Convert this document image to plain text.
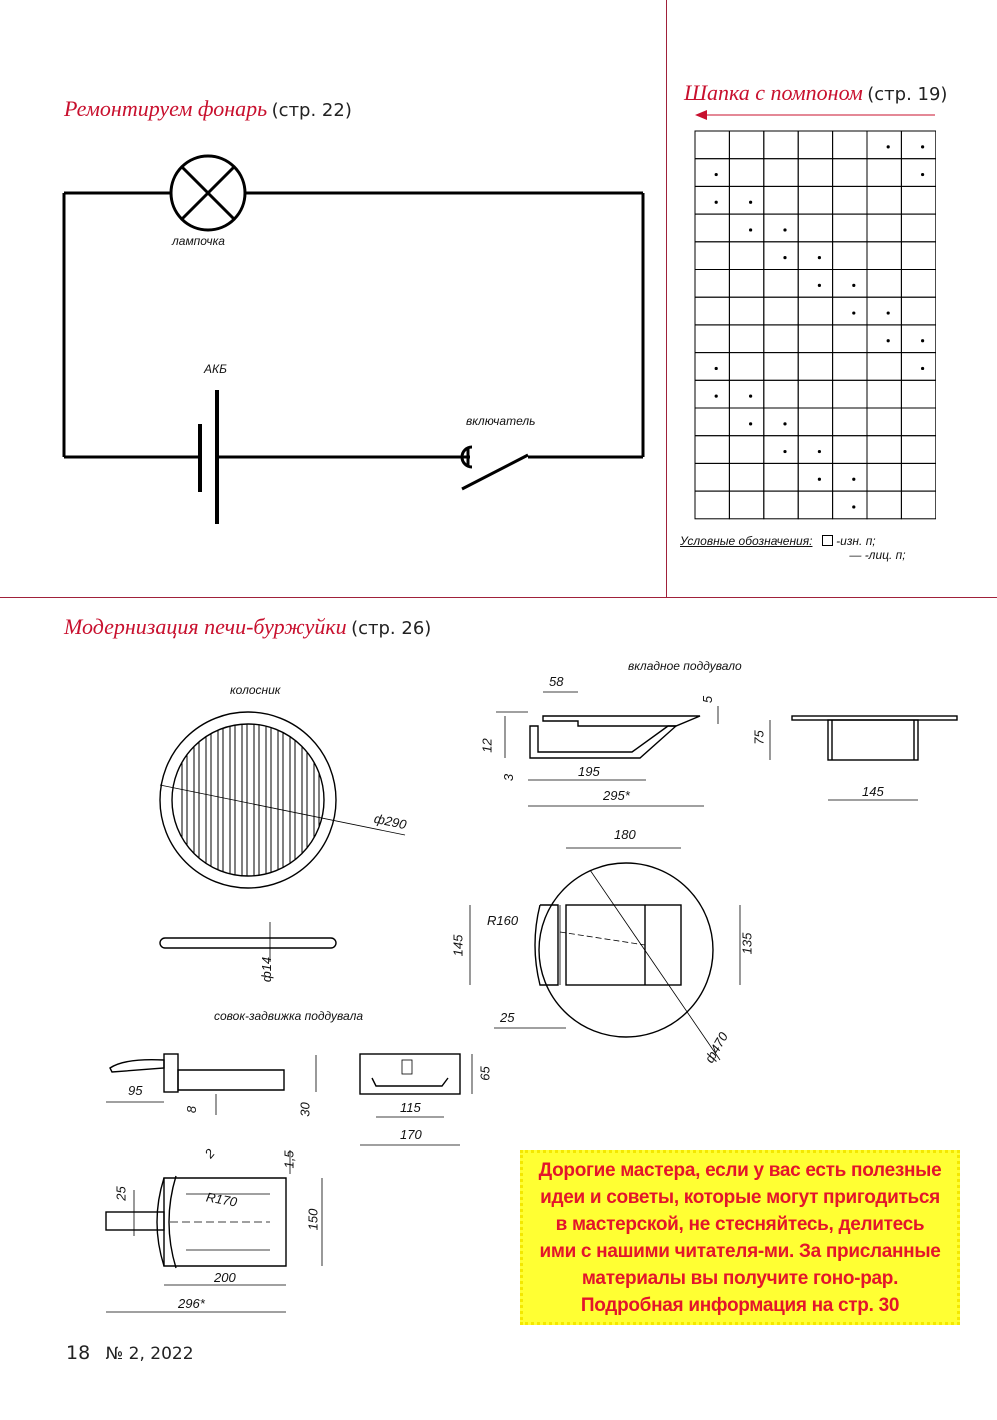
Ремонтируем фонарь (стр. 22)
лампочка
АКБ
включатель
Шапка с помпоном (стр. 19)
Условные обозначения: -изн. п;
— -лиц. п;
Модернизация печи-буржуйки (стр. 26)
колосник
вкладное поддувало
совок-задвижка поддувала
ф290
ф14
58
5
12
3	195
295*
75
145
180
R160
145	135
25
ф470
95
8	30
65
115
170
2	1,5
25	R170
150
200
296*
Дорогие мастера, если у вас есть полезные идеи и советы, которые могут пригодиться в мастерской, не стесняйтесь, делитесь ими с нашими читателя-ми. За присланные материалы вы получите гоно-рар. Подробная информация на стр. 30
18 № 2, 2022
